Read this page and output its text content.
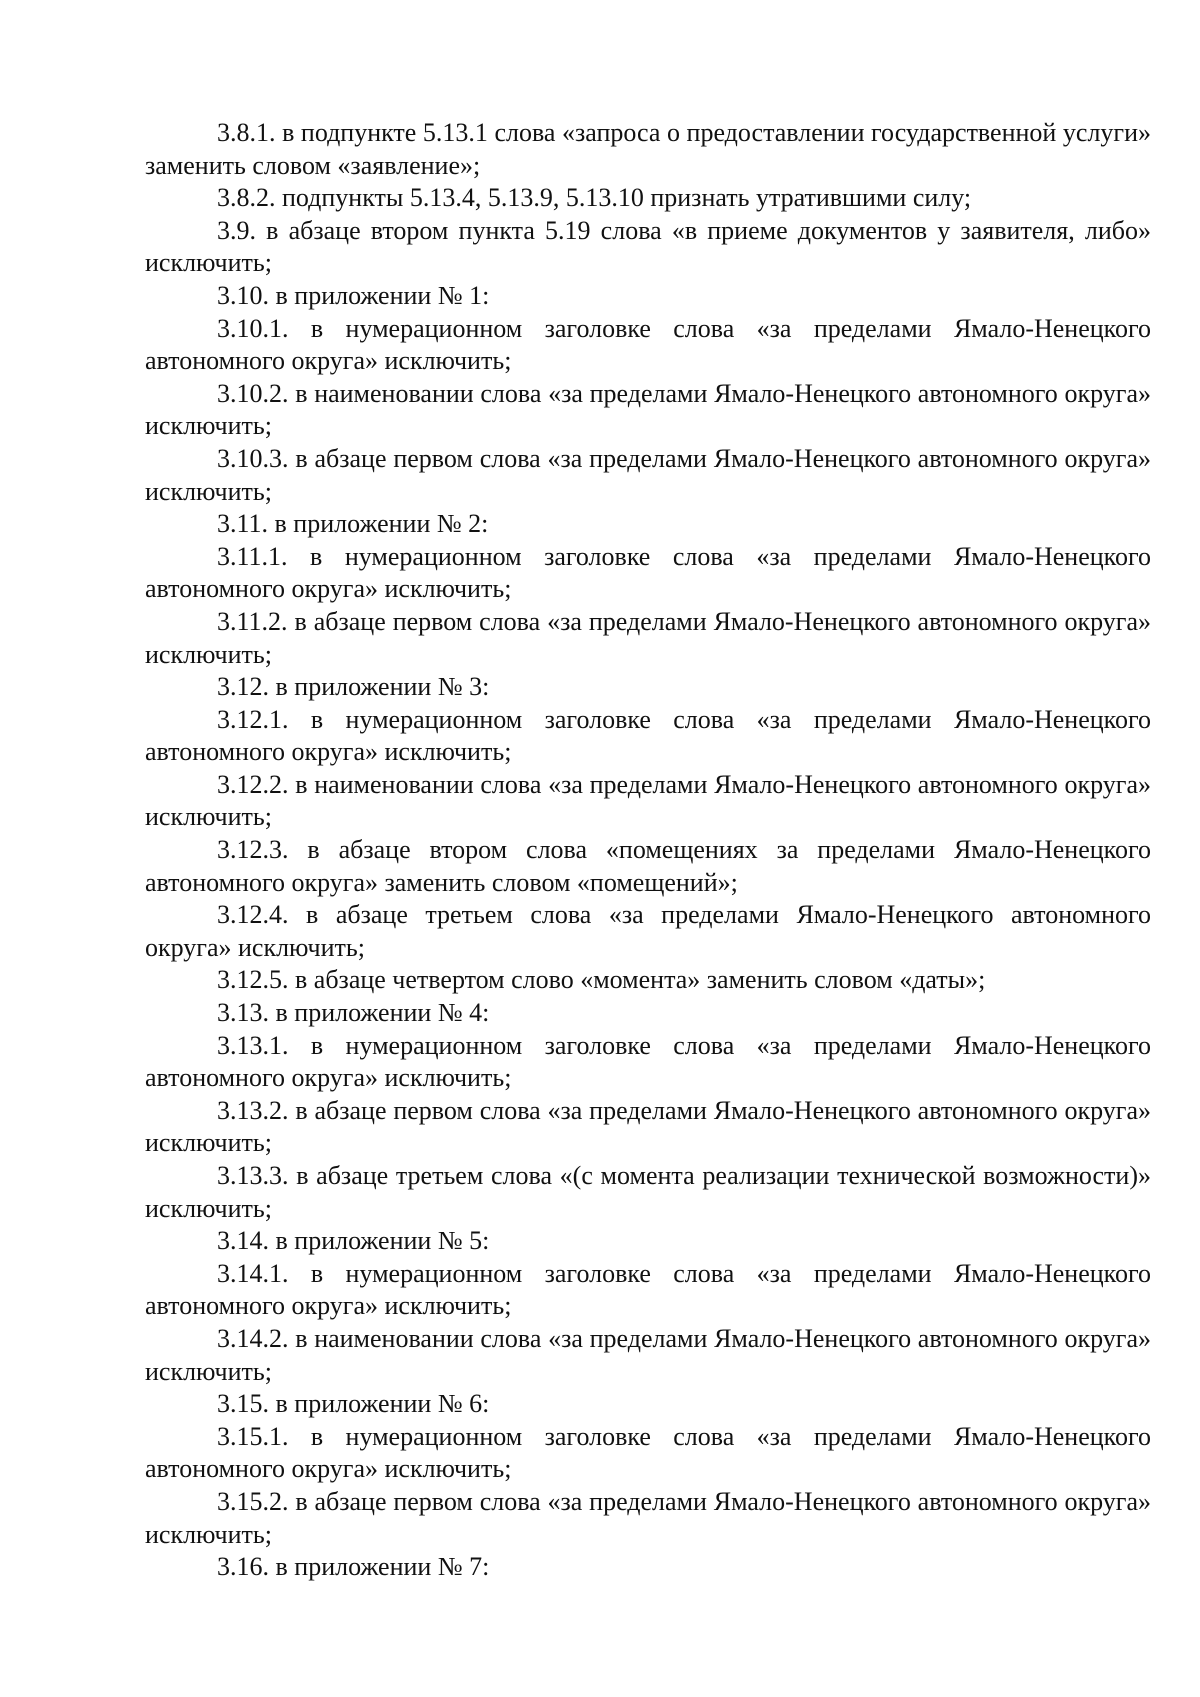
3.8.1. в подпункте 5.13.1 слова «запроса о предоставлении государственной услуги» заменить словом «заявление»;

3.8.2. подпункты 5.13.4, 5.13.9, 5.13.10 признать утратившими силу;

3.9. в абзаце втором пункта 5.19 слова «в приеме документов у заявителя, либо» исключить;

3.10. в приложении № 1:

3.10.1. в нумерационном заголовке слова «за пределами Ямало-Ненецкого автономного округа» исключить;

3.10.2. в наименовании слова «за пределами Ямало-Ненецкого автономного округа» исключить;

3.10.3. в абзаце первом слова «за пределами Ямало-Ненецкого автономного округа» исключить;

3.11. в приложении № 2:

3.11.1. в нумерационном заголовке слова «за пределами Ямало-Ненецкого автономного округа» исключить;

3.11.2. в абзаце первом слова «за пределами Ямало-Ненецкого автономного округа» исключить;

3.12. в приложении № 3:

3.12.1. в нумерационном заголовке слова «за пределами Ямало-Ненецкого автономного округа» исключить;

3.12.2. в наименовании слова «за пределами Ямало-Ненецкого автономного округа» исключить;

3.12.3. в абзаце втором слова «помещениях за пределами Ямало-Ненецкого автономного округа» заменить словом «помещений»;

3.12.4. в абзаце третьем слова «за пределами Ямало-Ненецкого автономного округа» исключить;

3.12.5. в абзаце четвертом слово «момента» заменить словом «даты»;

3.13. в приложении № 4:

3.13.1. в нумерационном заголовке слова «за пределами Ямало-Ненецкого автономного округа» исключить;

3.13.2. в абзаце первом слова «за пределами Ямало-Ненецкого автономного округа» исключить;

3.13.3. в абзаце третьем слова «(с момента реализации технической возможности)» исключить;

3.14. в приложении № 5:

3.14.1. в нумерационном заголовке слова «за пределами Ямало-Ненецкого автономного округа» исключить;

3.14.2. в наименовании слова «за пределами Ямало-Ненецкого автономного округа» исключить;

3.15. в приложении № 6:

3.15.1. в нумерационном заголовке слова «за пределами Ямало-Ненецкого автономного округа» исключить;

3.15.2. в абзаце первом слова «за пределами Ямало-Ненецкого автономного округа» исключить;

3.16. в приложении № 7:
